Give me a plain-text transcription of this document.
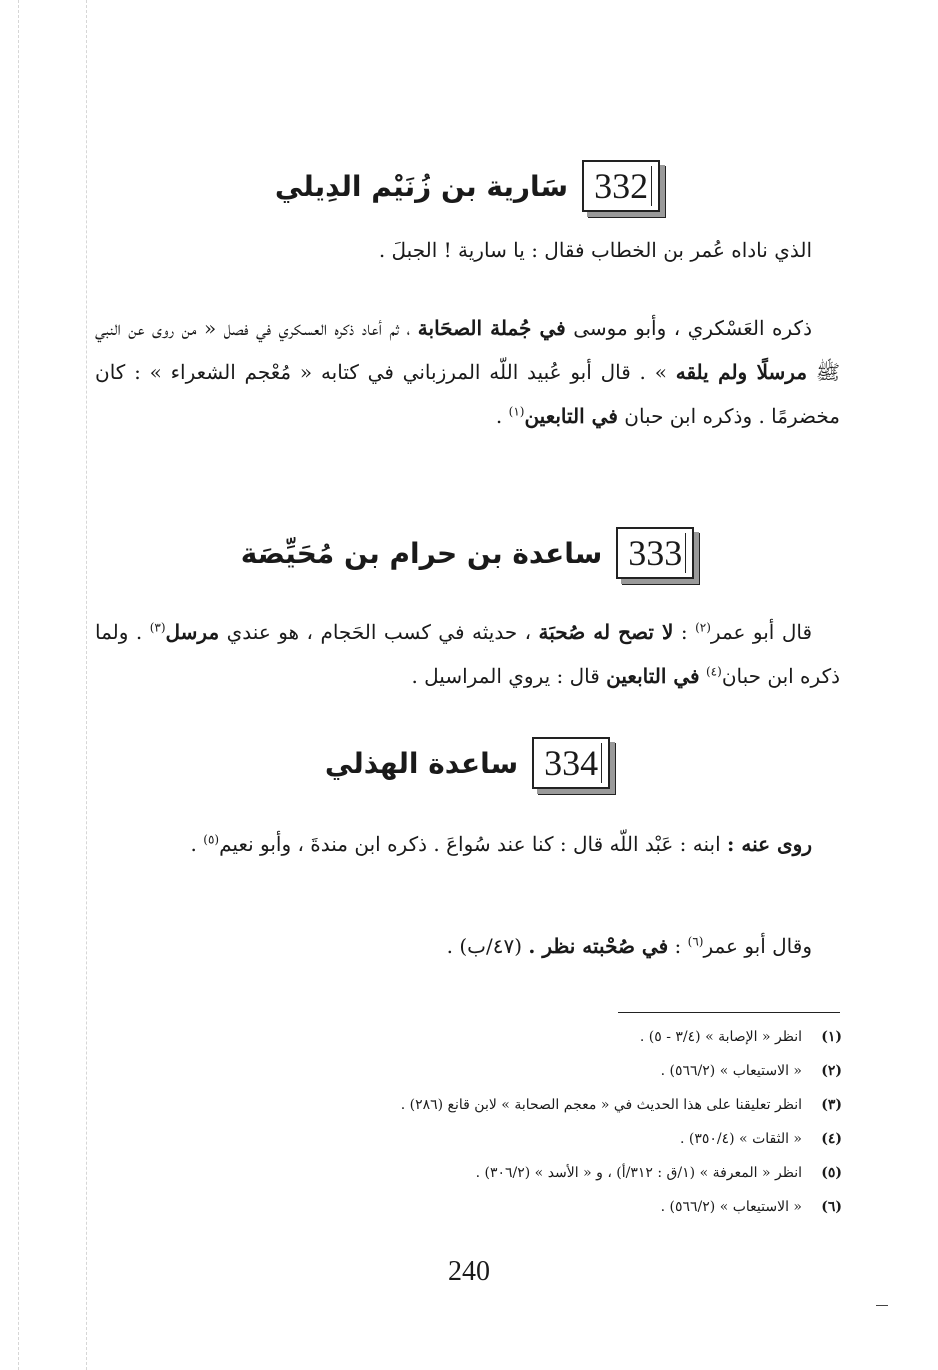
332
سَارية بن زُنَيْم الدِيلي

الذي ناداه عُمر بن الخطاب فقال : يا سارية ! الجبلَ .

ذكره العَسْكري ، وأبو موسى في جُملة الصحَابة ، ثم أعاد ذكره العسكري في فصل « من روى عن النبي ﷺ مرسلًا ولم يلقه » . قال أبو عُبيد اللّه المرزباني في كتابه « مُعْجم الشعراء » : كان مخضرمًا . وذكره ابن حبان في التابعين$^{(١)}$ .

333
ساعدة بن حرام بن مُحَيِّصَة

قال أبو عمر$^{(٢)}$ : لا تصح له صُحبَة ، حديثه في كسب الحَجام ، هو عندي مرسل$^{(٣)}$ . ولما ذكره ابن حبان$^{(٤)}$ في التابعين قال : يروي المراسيل .

334
ساعدة الهذلي

روى عنه : ابنه : عَبْد اللّه قال : كنا عند سُواعَ . ذكره ابن مندةَ ، وأبو نعيم$^{(٥)}$ .

وقال أبو عمر$^{(٦)}$ : في صُحْبته نظر . (٤٧/ب) .

(١)
انظر « الإصابة » (٣/٤ - ٥) .
(٢)
« الاستيعاب » (٥٦٦/٢) .
(٣)
انظر تعليقنا على هذا الحديث في « معجم الصحابة » لابن قانع (٢٨٦) .
(٤)
« الثقات » (٣٥٠/٤) .
(٥)
انظر « المعرفة » (١/ق : ٣١٢/أ) ، و « الأسد » (٣٠٦/٢) .
(٦)
« الاستيعاب » (٥٦٦/٢) .
240
